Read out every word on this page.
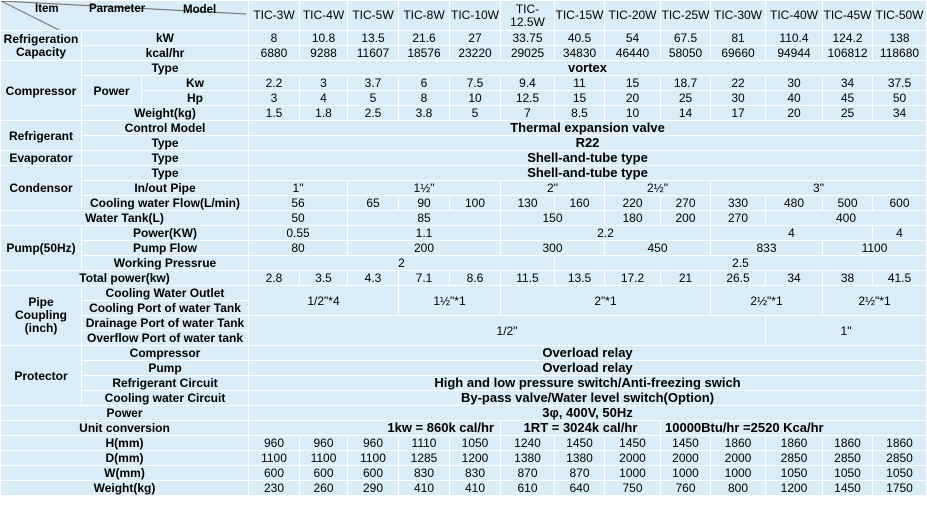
Item Parameter Model			TIC-3W	TIC-4W	TIC-5W	TIC-8W	TIC-10W	TIC-12.5W	TIC-15W	TIC-20W	TIC-25W	TIC-30W	TIC-40W	TIC-45W	TIC-50W
Refrigeration Capacity	kW		8	10.8	13.5	21.6	27	33.75	40.5	54	67.5	81	110.4	124.2	138
	kcal/hr		6880	9288	11607	18576	23220	29025	34830	46440	58050	69660	94944	106812	118680
Compressor	Type		vortex												
	Power	Kw	2.2	3	3.7	6	7.5	9.4	11	15	18.7	22	30	34	37.5
		Hp	3	4	5	8	10	12.5	15	20	25	30	40	45	50
	Weight(kg)		1.5	1.8	2.5	3.8	5	7	8.5	10	14	17	20	25	34
Refrigerant	Control Model		Thermal expansion valve												
	Type		R22												
Evaporator	Type		Shell-and-tube type												
Condensor	Type		Shell-and-tube type												
	In/out Pipe		1"		1½"			2"		2½"		3"			
	Cooling water Flow(L/min)		56		65	90	100	130	160	220	270	330	480	500	600
Water Tank(L)			50		85			150		180	200	270	400		
Pump(50Hz)	Power(KW)		0.55		1.1			2.2				4			4
	Pump Flow		80		200			300		450		833		1100	
	Working Pressrue		2						2.5						
Total power(kw)			2.8	3.5	4.3	7.1	8.6	11.5	13.5	17.2	21	26.5	34	38	41.5
Pipe Coupling (inch)	Cooling Water Outlet		1/2"*4			1½"*1		2"*1				2½"*1		2½"*1	
	Cooling Port of water Tank														
	Drainage Port of water Tank		1/2"										1"		
	Overflow Port of water tank														
Protector	Compressor		Overload relay												
	Pump		Overload relay												
	Refrigerant Circuit		High and low pressure switch/Anti-freezing swich												
	Cooling water Circuit		By-pass valve/Water level switch(Option)												
Power			3φ, 400V, 50Hz												
Unit conversion			1kw = 860k cal/hr					1RT = 3024k cal/hr			10000Btu/hr =2520 Kca/hr				
H(mm)			960	960	960	1110	1050	1240	1450	1450	1450	1860	1860	1860	1860
D(mm)			1100	1100	1100	1285	1200	1380	1380	2000	2000	2000	2850	2850	2850
W(mm)			600	600	600	830	830	870	870	1000	1000	1000	1050	1050	1050
Weight(kg)			230	260	290	410	410	610	640	750	760	800	1200	1450	1750
